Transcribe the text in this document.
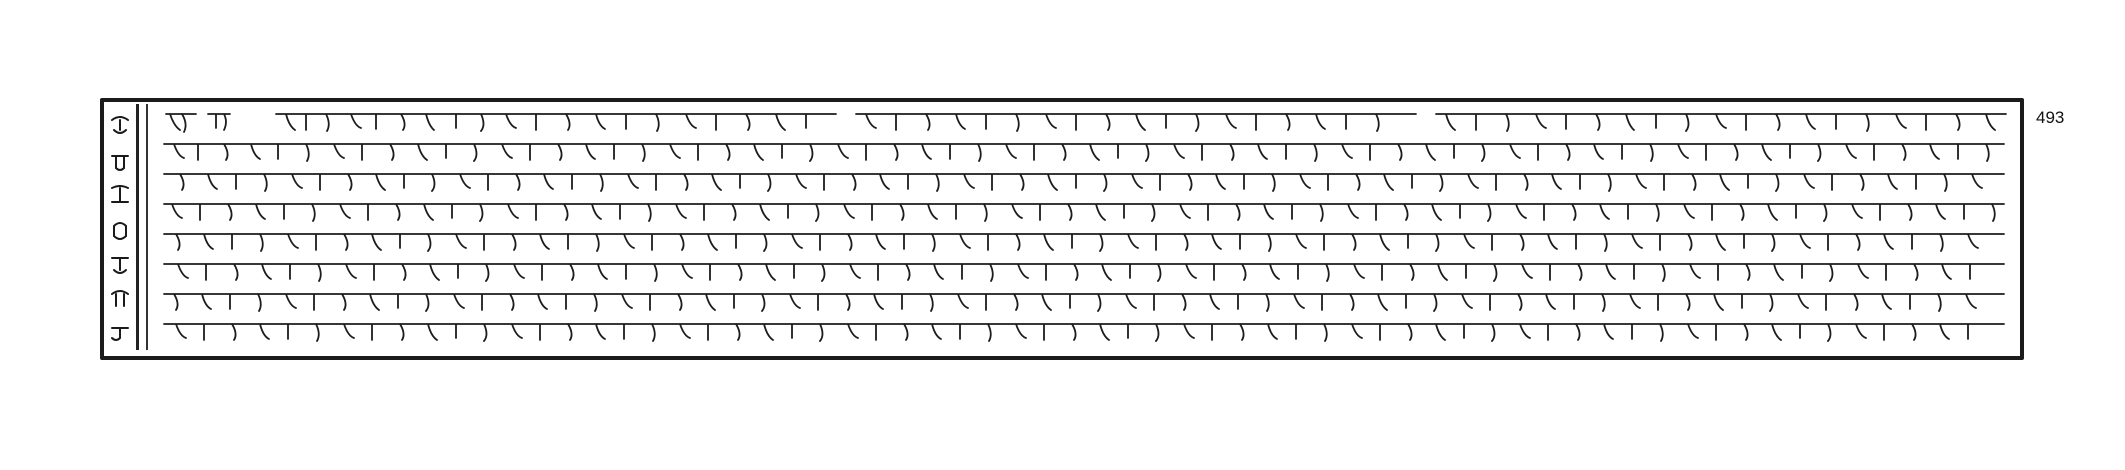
493
